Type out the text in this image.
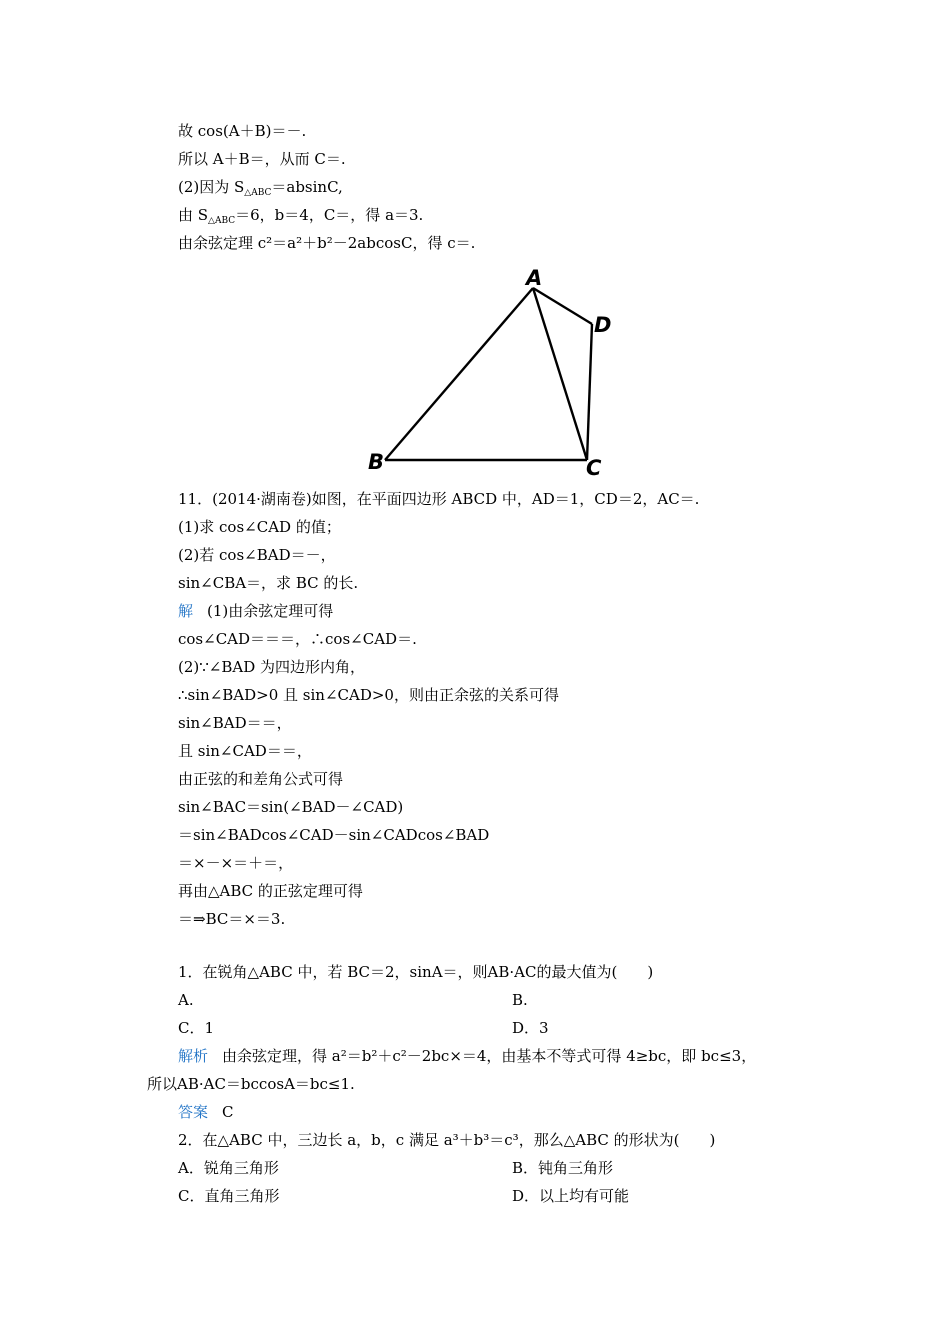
故 cos(A＋B)＝－.
所以 A＋B＝，从而 C＝.
(2)因为 $S_{\triangle ABC}=absinC$,
由 $S_{\triangle ABC}=6$，b＝4，C＝，得 a＝3.
由余弦定理 c²＝a²＋b²－2abcosC，得 c＝.
A
B	C
D
11．(2014·湖南卷)如图，在平面四边形 ABCD 中，AD＝1，CD＝2，AC＝.
(1)求 cos∠CAD 的值；
(2)若 cos∠BAD＝－，
sin∠CBA＝，求 BC 的长.
解 (1)由余弦定理可得
cos∠CAD＝＝＝，∴cos∠CAD＝.
(2)∵∠BAD 为四边形内角，
∴sin∠BAD>0 且 sin∠CAD>0，则由正余弦的关系可得
sin∠BAD＝＝，
且 sin∠CAD＝＝，
由正弦的和差角公式可得
sin∠BAC＝sin(∠BAD－∠CAD)
＝sin∠BADcos∠CAD－sin∠CADcos∠BAD
＝×－×＝＋＝，
再由△ABC 的正弦定理可得
＝⇒BC＝×＝3.
1．在锐角△ABC 中，若 BC＝2，sinA＝，则AB·AC的最大值为(　　)
A.	B.
C．1	D．3
解析 由余弦定理，得 a²＝b²＋c²－2bc×＝4，由基本不等式可得 4≥bc，即 bc≤3，
所以AB·AC＝bccosA＝bc≤1.
答案 C
2．在△ABC 中，三边长 a，b，c 满足 a³＋b³＝c³，那么△ABC 的形状为(　　)
A．锐角三角形	B．钝角三角形
C．直角三角形	D．以上均有可能
